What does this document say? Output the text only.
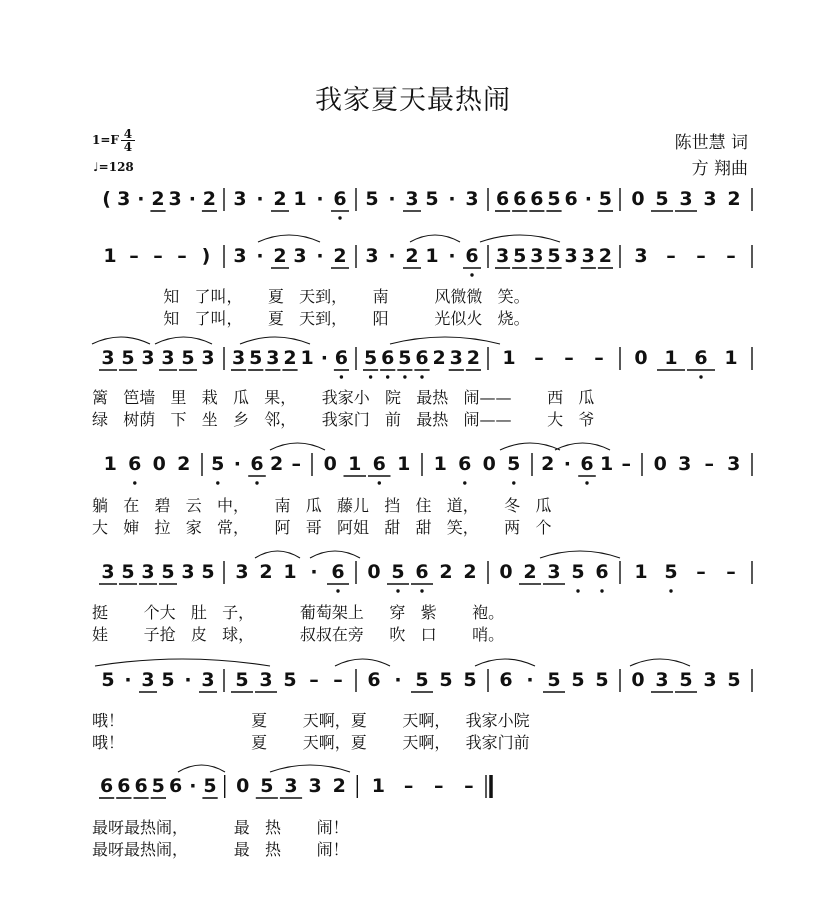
我家夏天最热闹
陈世慧 词
方 翔曲
$1=F \frac{4}{4}$
♩=128
( 3 · 2 3 · 2 3 · 2 1 · 6 5 · 3 5 · 3 6 6 6 5 6 · 5 0 5 3 3 2
1 – – – ) 3 · 2 3 · 2 3 · 2 1 · 6 3 5 3 5 3 3 2 3 – – –
3 5 3 3 5 3 3 5 3 2 1 · 6 5 6 5 6 2 3 2 1 – – – 0 1 6 1
1 6 0 2 5 · 6 2 – 0 1 6 1 1 6 0 5 2 · 6 1 – 0 3 – 3
3 5 3 5 3 5 3 2 1 · 6 0 5 6 2 2 0 2 3 5 6 1 5 – –
5 · 3 5 · 3 5 3 5 – – 6 · 5 5 5 6 · 5 5 5 0 3 5 3 5
6 6 6 5 6 · 5 0 5 3 3 2 1 – – –
知   了叫，     夏   天到，     南         风微微   笑。
知   了叫，     夏   天到，     阳         光似火   烧。
篱   笆墙   里   栽   瓜   果，     我家小   院   最热   闹——       西   瓜
绿   树荫   下   坐   乡   邻，     我家门   前   最热   闹——       大   爷
躺   在   碧   云   中，     南   瓜   藤儿   挡   住   道，     冬   瓜
大   婶   拉   家   常，     阿   哥   阿姐   甜   甜   笑，     两   个
挺       个大   肚   子，         葡萄架上     穿   紫       袍。
娃       子抢   皮   球，         叔叔在旁     吹   口       哨。
哦！                         夏       天啊，夏       天啊，   我家小院
哦！                         夏       天啊，夏       天啊，   我家门前
最呀最热闹，         最   热       闹！
最呀最热闹，         最   热       闹！
